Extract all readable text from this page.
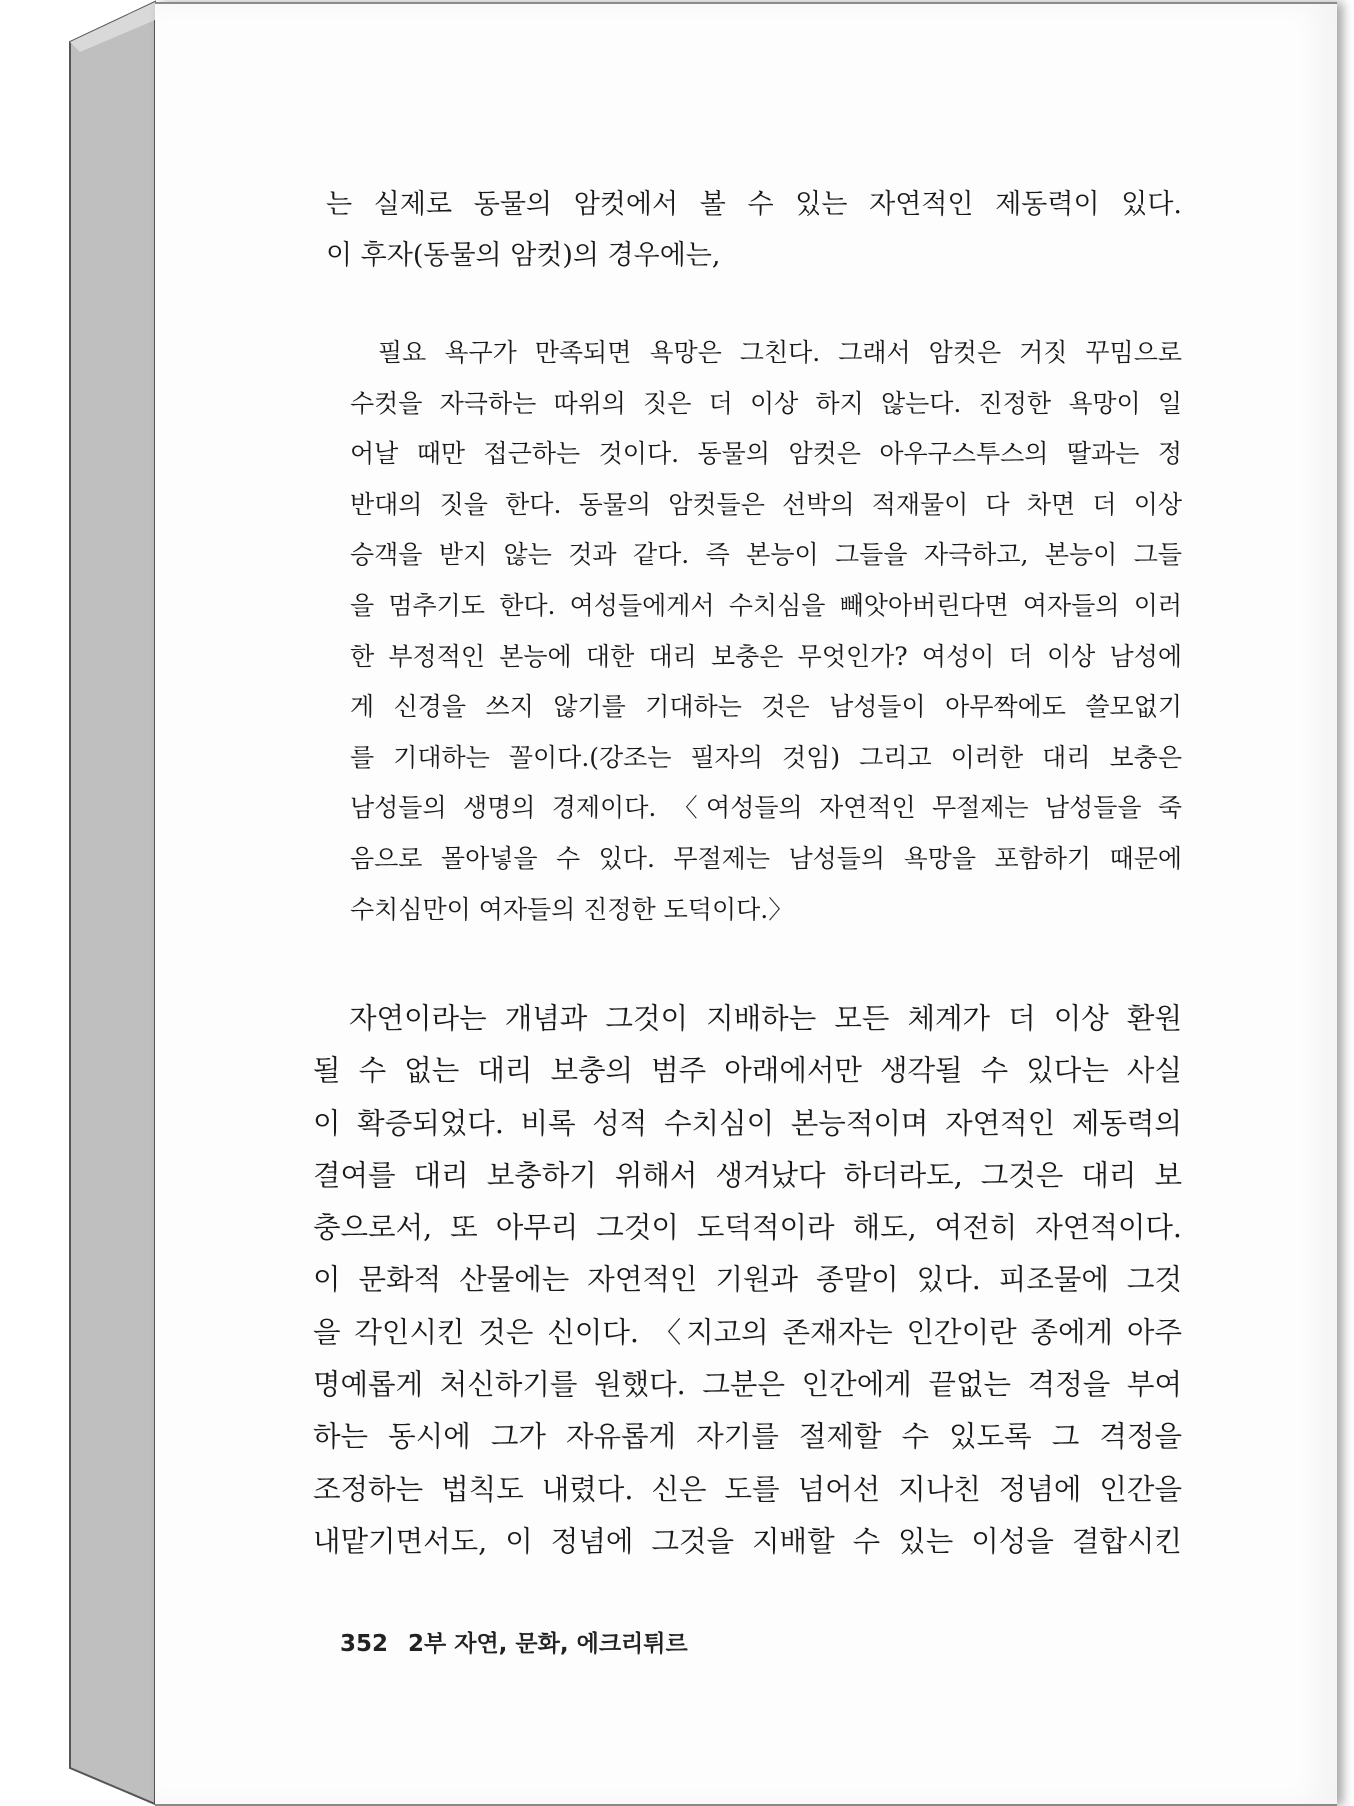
는 실제로 동물의 암컷에서 볼 수 있는 자연적인 제동력이 있다.
이 후자(동물의 암컷)의 경우에는,
필요 욕구가 만족되면 욕망은 그친다. 그래서 암컷은 거짓 꾸밈으로
수컷을 자극하는 따위의 짓은 더 이상 하지 않는다. 진정한 욕망이 일
어날 때만 접근하는 것이다. 동물의 암컷은 아우구스투스의 딸과는 정
반대의 짓을 한다. 동물의 암컷들은 선박의 적재물이 다 차면 더 이상
승객을 받지 않는 것과 같다. 즉 본능이 그들을 자극하고, 본능이 그들
을 멈추기도 한다. 여성들에게서 수치심을 빼앗아버린다면 여자들의 이러
한 부정적인 본능에 대한 대리 보충은 무엇인가? 여성이 더 이상 남성에
게 신경을 쓰지 않기를 기대하는 것은 남성들이 아무짝에도 쓸모없기
를 기대하는 꼴이다.(강조는 필자의 것임) 그리고 이러한 대리 보충은
남성들의 생명의 경제이다. 〈여성들의 자연적인 무절제는 남성들을 죽
음으로 몰아넣을 수 있다. 무절제는 남성들의 욕망을 포함하기 때문에
수치심만이 여자들의 진정한 도덕이다.〉
자연이라는 개념과 그것이 지배하는 모든 체계가 더 이상 환원
될 수 없는 대리 보충의 범주 아래에서만 생각될 수 있다는 사실
이 확증되었다. 비록 성적 수치심이 본능적이며 자연적인 제동력의
결여를 대리 보충하기 위해서 생겨났다 하더라도, 그것은 대리 보
충으로서, 또 아무리 그것이 도덕적이라 해도, 여전히 자연적이다.
이 문화적 산물에는 자연적인 기원과 종말이 있다. 피조물에 그것
을 각인시킨 것은 신이다. 〈지고의 존재자는 인간이란 종에게 아주
명예롭게 처신하기를 원했다. 그분은 인간에게 끝없는 격정을 부여
하는 동시에 그가 자유롭게 자기를 절제할 수 있도록 그 격정을
조정하는 법칙도 내렸다. 신은 도를 넘어선 지나친 정념에 인간을
내맡기면서도, 이 정념에 그것을 지배할 수 있는 이성을 결합시킨
352 2부 자연, 문화, 에크리튀르
